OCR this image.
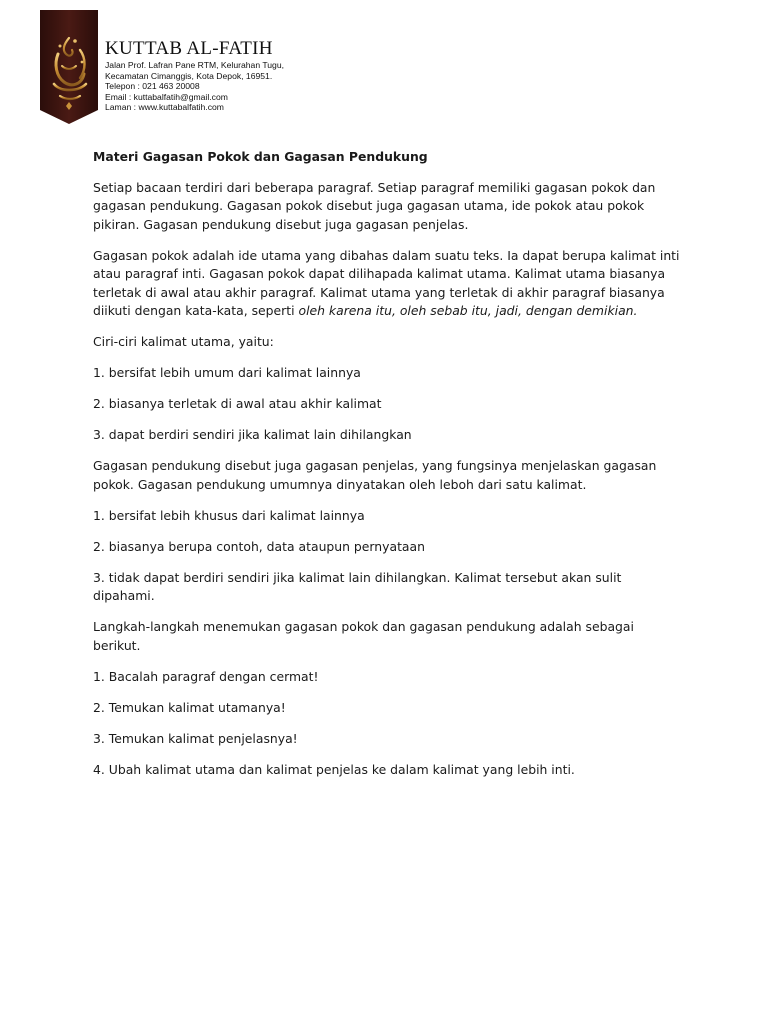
KUTTAB AL-FATIH
Jalan Prof. Lafran Pane RTM, Kelurahan Tugu,
Kecamatan Cimanggis, Kota Depok, 16951.
Telepon : 021 463 20008
Email : kuttabalfatih@gmail.com
Laman : www.kuttabalfatih.com
Materi Gagasan Pokok dan Gagasan Pendukung

Setiap bacaan terdiri dari beberapa paragraf. Setiap paragraf memiliki gagasan pokok dan gagasan pendukung. Gagasan pokok disebut juga gagasan utama, ide pokok atau pokok pikiran. Gagasan pendukung disebut juga gagasan penjelas.

Gagasan pokok adalah ide utama yang dibahas dalam suatu teks. Ia dapat berupa kalimat inti atau paragraf inti. Gagasan pokok dapat dilihapada kalimat utama. Kalimat utama biasanya terletak di awal atau akhir paragraf. Kalimat utama yang terletak di akhir paragraf biasanya diikuti dengan kata-kata, seperti oleh karena itu, oleh sebab itu, jadi, dengan demikian.

Ciri-ciri kalimat utama, yaitu:

1. bersifat lebih umum dari kalimat lainnya

2. biasanya terletak di awal atau akhir kalimat

3. dapat berdiri sendiri jika kalimat lain dihilangkan

Gagasan pendukung disebut juga gagasan penjelas, yang fungsinya menjelaskan gagasan pokok. Gagasan pendukung umumnya dinyatakan oleh leboh dari satu kalimat.

1. bersifat lebih khusus dari kalimat lainnya

2. biasanya berupa contoh, data ataupun pernyataan

3. tidak dapat berdiri sendiri jika kalimat lain dihilangkan. Kalimat tersebut akan sulit dipahami.

Langkah-langkah menemukan gagasan pokok dan gagasan pendukung adalah sebagai berikut.

1. Bacalah paragraf dengan cermat!

2. Temukan kalimat utamanya!

3. Temukan kalimat penjelasnya!

4. Ubah kalimat utama dan kalimat penjelas ke dalam kalimat yang lebih inti.
